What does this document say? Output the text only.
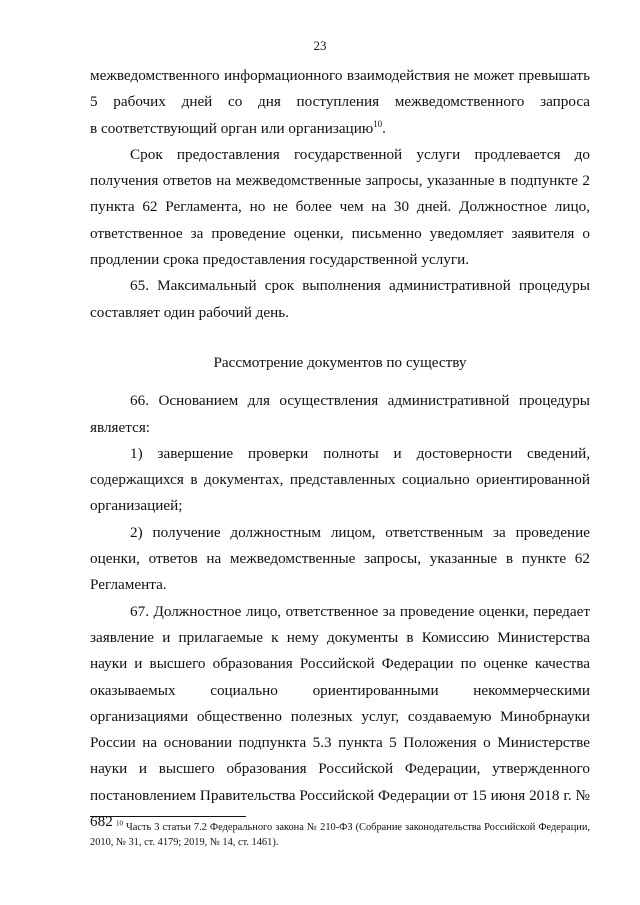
23

межведомственного информационного взаимодействия не может превышать

5 рабочих дней со дня поступления межведомственного запроса

в соответствующий орган или организацию$^{10}$.

Срок предоставления государственной услуги продлевается до получения ответов на межведомственные запросы, указанные в подпункте 2 пункта 62 Регламента, но не более чем на 30 дней. Должностное лицо, ответственное за проведение оценки, письменно уведомляет заявителя о продлении срока предоставления государственной услуги.

65. Максимальный срок выполнения административной процедуры составляет один рабочий день.

Рассмотрение документов по существу

66. Основанием для осуществления административной процедуры является:

1) завершение проверки полноты и достоверности сведений, содержащихся в документах, представленных социально ориентированной организацией;

2) получение должностным лицом, ответственным за проведение оценки, ответов на межведомственные запросы, указанные в пункте 62 Регламента.

67. Должностное лицо, ответственное за проведение оценки, передает заявление и прилагаемые к нему документы в Комиссию Министерства науки и высшего образования Российской Федерации по оценке качества оказываемых социально ориентированными некоммерческими организациями общественно полезных услуг, создаваемую Минобрнауки России на основании подпункта 5.3 пункта 5 Положения о Министерстве науки и высшего образования Российской Федерации, утвержденного постановлением Правительства Российской Федерации от 15 июня 2018 г. № 682 $^{10}$ Часть 3 статьи 7.2 Федерального закона № 210-ФЗ (Собрание законодательства Российской Федерации, 2010, № 31, ст. 4179; 2019, № 14, ст. 1461).
